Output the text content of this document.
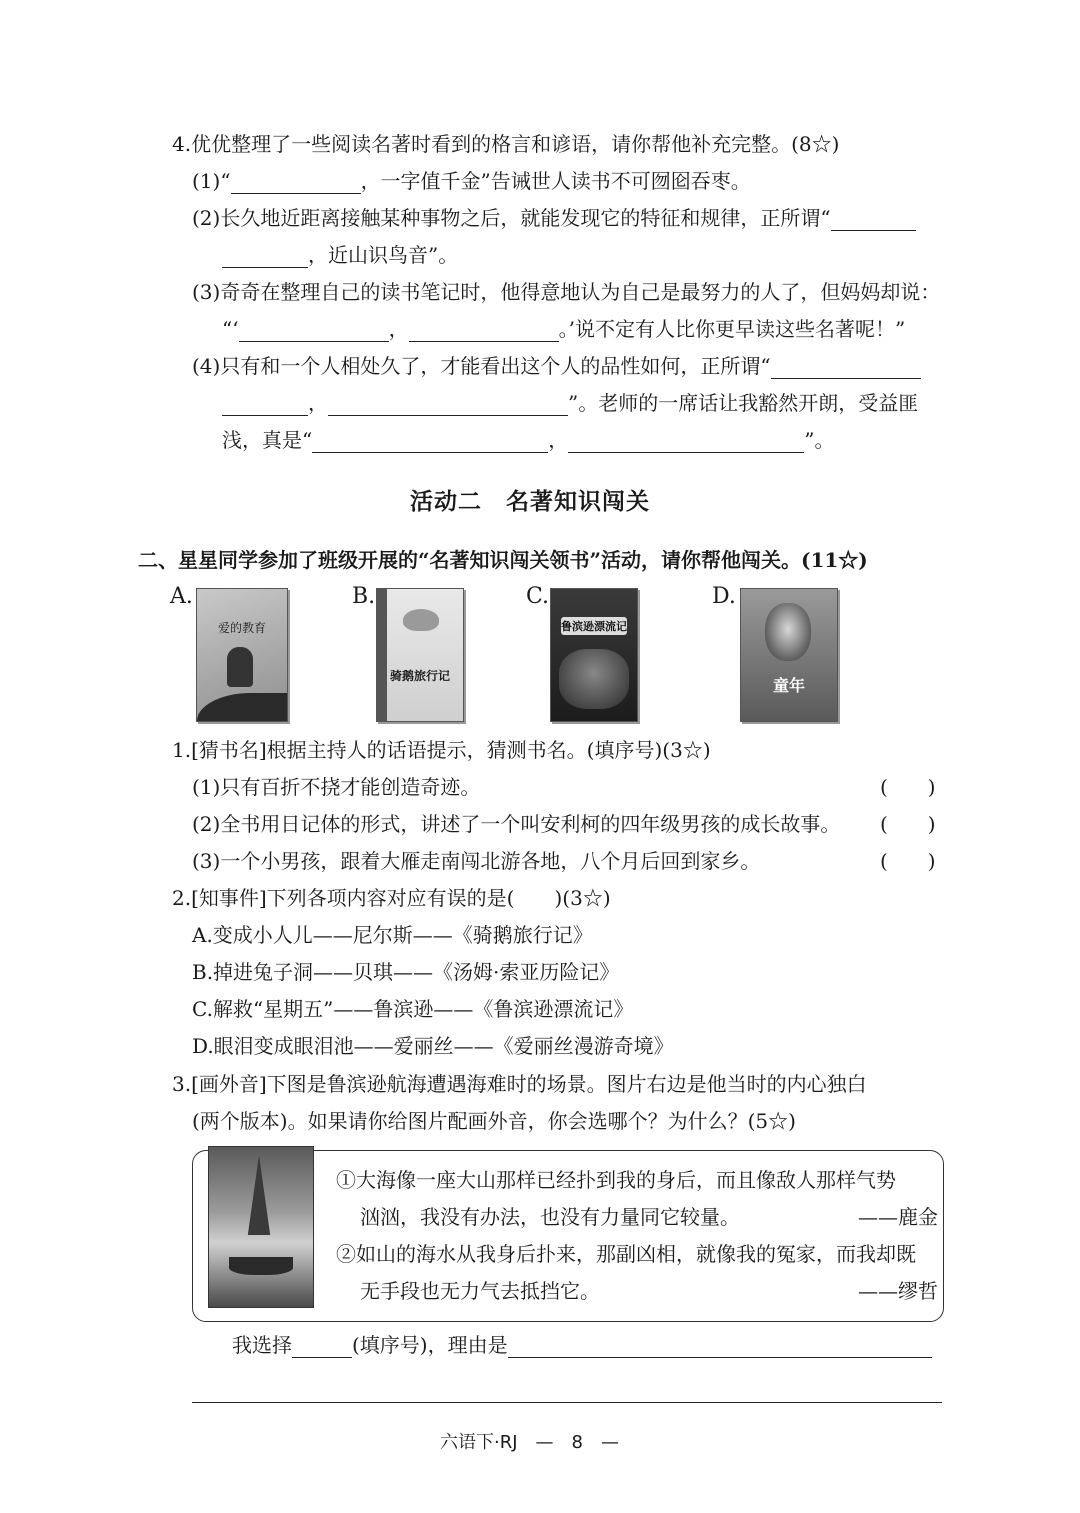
4.优优整理了一些阅读名著时看到的格言和谚语，请你帮他补充完整。(8☆)
(1)“	，一字值千金”告诫世人读书不可囫囵吞枣。
(2)长久地近距离接触某种事物之后，就能发现它的特征和规律，正所谓“
，近山识鸟音”。
(3)奇奇在整理自己的读书笔记时，他得意地认为自己是最努力的人了，但妈妈却说：
“‘	，	。’说不定有人比你更早读这些名著呢！”
(4)只有和一个人相处久了，才能看出这个人的品性如何，正所谓“
，	”。老师的一席话让我豁然开朗，受益匪
浅，真是“	，	”。
活动二　名著知识闯关
二、星星同学参加了班级开展的“名著知识闯关领书”活动，请你帮他闯关。(11☆)
A.
爱的教育
B.
骑鹅旅行记
C.
鲁滨逊漂流记
D.
童年
1.[猜书名]根据主持人的话语提示，猜测书名。(填序号)(3☆)
(1)只有百折不挠才能创造奇迹。	(　　)
(2)全书用日记体的形式，讲述了一个叫安利柯的四年级男孩的成长故事。 (　　)
(3)一个小男孩，跟着大雁走南闯北游各地，八个月后回到家乡。	(　　)
2.[知事件]下列各项内容对应有误的是(　　)(3☆)
A.变成小人儿——尼尔斯——《骑鹅旅行记》
B.掉进兔子洞——贝琪——《汤姆·索亚历险记》
C.解救“星期五”——鲁滨逊——《鲁滨逊漂流记》
D.眼泪变成眼泪池——爱丽丝——《爱丽丝漫游奇境》
3.[画外音]下图是鲁滨逊航海遭遇海难时的场景。图片右边是他当时的内心独白
(两个版本)。如果请你给图片配画外音，你会选哪个？为什么？(5☆)
①大海像一座大山那样已经扑到我的身后，而且像敌人那样气势
汹汹，我没有办法，也没有力量同它较量。	——鹿金
②如山的海水从我身后扑来，那副凶相，就像我的冤家，而我却既
无手段也无力气去抵挡它。	——缪哲
我选择	(填序号)，理由是
六语下·RJ　—　8　—
